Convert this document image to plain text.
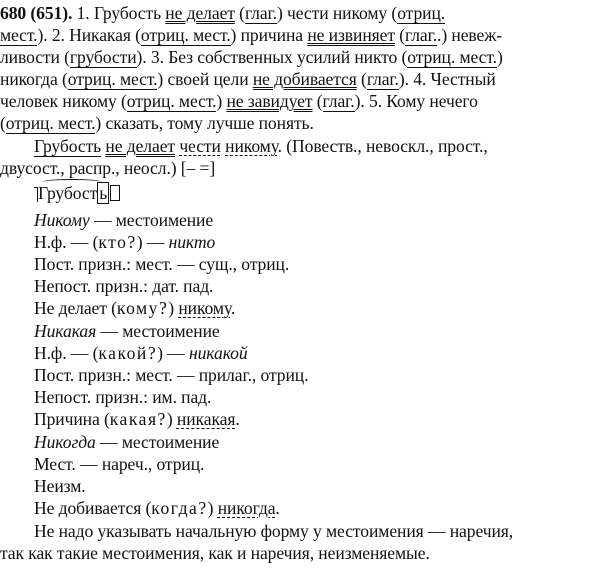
680 (651). 1. Грубость не делает (глаг.) чести никому (отриц.
мест.). 2. Никакая (отриц. мест.) причина не извиняет (глаг..) невеж-
ливости (грубости). 3. Без собственных усилий никто (отриц. мест.)
никогда (отриц. мест.) своей цели не добивается (глаг.). 4. Честный
человек никому (отриц. мест.) не завидует (глаг.). 5. Кому нечего
(отриц. мест.) сказать, тому лучше понять.
Грубость не делает чести никому. (Повеств., невоскл., прост.,
двусост., распр., неосл.) [– =]
Грубост ь
Никому — местоимение
Н.ф. — (кто?) — никто
Пост. призн.: мест. — сущ., отриц.
Непост. призн.: дат. пад.
Не делает (кому?) никому.
Никакая — местоимение
Н.ф. — (какой?) — никакой
Пост. призн.: мест. — прилаг., отриц.
Непост. призн.: им. пад.
Причина (какая?) никакая.
Никогда — местоимение
Мест. — нареч., отриц.
Неизм.
Не добивается (когда?) никогда.
Не надо указывать начальную форму у местоимения — наречия,
так как такие местоимения, как и наречия, неизменяемые.
